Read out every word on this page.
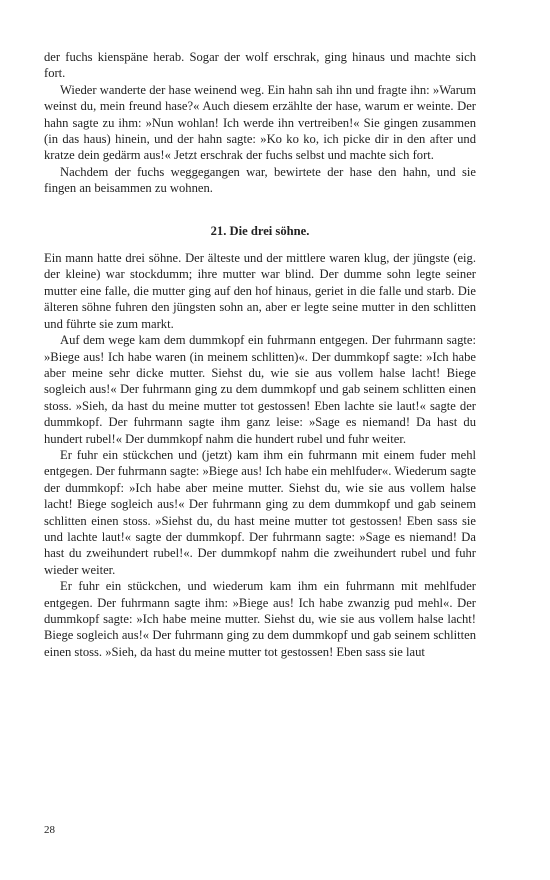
der fuchs kienspäne herab. Sogar der wolf erschrak, ging hinaus und machte sich fort.

Wieder wanderte der hase weinend weg. Ein hahn sah ihn und fragte ihn: »Warum weinst du, mein freund hase?« Auch diesem erzählte der hase, warum er weinte. Der hahn sagte zu ihm: »Nun wohlan! Ich werde ihn vertreiben!« Sie gingen zusammen (in das haus) hinein, und der hahn sagte: »Ko ko ko, ich picke dir in den after und kratze dein gedärm aus!« Jetzt erschrak der fuchs selbst und machte sich fort.

Nachdem der fuchs weggegangen war, bewirtete der hase den hahn, und sie fingen an beisammen zu wohnen.

21. Die drei söhne.

Ein mann hatte drei söhne. Der älteste und der mittlere waren klug, der jüngste (eig. der kleine) war stockdumm; ihre mutter war blind. Der dumme sohn legte seiner mutter eine falle, die mutter ging auf den hof hinaus, geriet in die falle und starb. Die älteren söhne fuhren den jüngsten sohn an, aber er legte seine mutter in den schlitten und führte sie zum markt.

Auf dem wege kam dem dummkopf ein fuhrmann entgegen. Der fuhrmann sagte: »Biege aus! Ich habe waren (in meinem schlitten)«. Der dummkopf sagte: »Ich habe aber meine sehr dicke mutter. Siehst du, wie sie aus vollem halse lacht! Biege sogleich aus!« Der fuhrmann ging zu dem dummkopf und gab seinem schlitten einen stoss. »Sieh, da hast du meine mutter tot gestossen! Eben lachte sie laut!« sagte der dummkopf. Der fuhrmann sagte ihm ganz leise: »Sage es niemand! Da hast du hundert rubel!« Der dummkopf nahm die hundert rubel und fuhr weiter.

Er fuhr ein stückchen und (jetzt) kam ihm ein fuhrmann mit einem fuder mehl entgegen. Der fuhrmann sagte: »Biege aus! Ich habe ein mehlfuder«. Wiederum sagte der dummkopf: »Ich habe aber meine mutter. Siehst du, wie sie aus vollem halse lacht! Biege sogleich aus!« Der fuhrmann ging zu dem dummkopf und gab seinem schlitten einen stoss. »Siehst du, du hast meine mutter tot gestossen! Eben sass sie und lachte laut!« sagte der dummkopf. Der fuhrmann sagte: »Sage es niemand! Da hast du zweihundert rubel!«. Der dummkopf nahm die zweihundert rubel und fuhr wieder weiter.

Er fuhr ein stückchen, und wiederum kam ihm ein fuhrmann mit mehlfuder entgegen. Der fuhrmann sagte ihm: »Biege aus! Ich habe zwanzig pud mehl«. Der dummkopf sagte: »Ich habe meine mutter. Siehst du, wie sie aus vollem halse lacht! Biege sogleich aus!« Der fuhrmann ging zu dem dummkopf und gab seinem schlitten einen stoss. »Sieh, da hast du meine mutter tot gestossen! Eben sass sie laut

28
